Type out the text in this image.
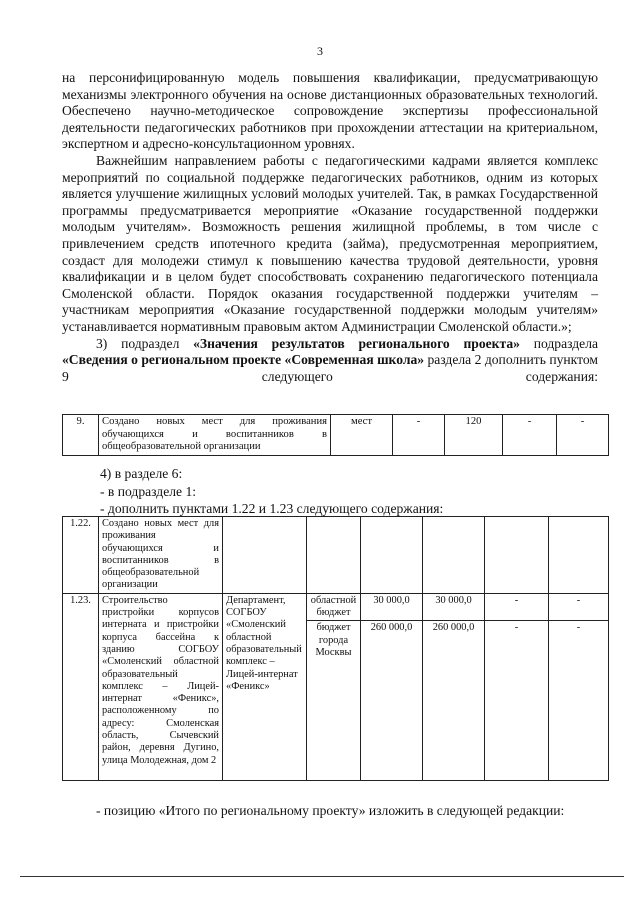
3

на персонифицированную модель повышения квалификации, предусматривающую механизмы электронного обучения на основе дистанционных образовательных технологий. Обеспечено научно-методическое сопровождение экспертизы профессиональной деятельности педагогических работников при прохождении аттестации на критериальном, экспертном и адресно-консультационном уровнях.

Важнейшим направлением работы с педагогическими кадрами является комплекс мероприятий по социальной поддержке педагогических работников, одним из которых является улучшение жилищных условий молодых учителей. Так, в рамках Государственной программы предусматривается мероприятие «Оказание государственной поддержки молодым учителям». Возможность решения жилищной проблемы, в том числе с привлечением средств ипотечного кредита (займа), предусмотренная мероприятием, создаст для молодежи стимул к повышению качества трудовой деятельности, уровня квалификации и в целом будет способствовать сохранению педагогического потенциала Смоленской области. Порядок оказания государственной поддержки учителям – участникам мероприятия «Оказание государственной поддержки молодым учителям» устанавливается нормативным правовым актом Администрации Смоленской области.»;

3) подраздел «Значения результатов регионального проекта» подраздела «Сведения о региональном проекте «Современная школа» раздела 2 дополнить пунктом 9 следующего содержания:

9.	Создано новых мест для проживания обучающихся и воспитанников в общеобразовательной организации	мест	-	120	-	-
4) в разделе 6:
- в подразделе 1:
- дополнить пунктами 1.22 и 1.23 следующего содержания:
1.22.	Создано новых мест для проживания обучающихся и воспитанников в общеобразовательной организации						
1.23.	Строительство пристройки корпусов интерната и пристройки корпуса бассейна к зданию СОГБОУ «Смоленский областной образовательный комплекс – Лицей-интернат «Феникс», расположенному по адресу: Смоленская область, Сычевский район, деревня Дугино, улица Молодежная, дом 2	Департамент, СОГБОУ «Смоленский областной образовательный комплекс – Лицей-интернат «Феникс»	областной бюджет	30 000,0	30 000,0	-	-
			бюджет города Москвы	260 000,0	260 000,0	-	-

- позицию «Итого по региональному проекту» изложить в следующей редакции:
